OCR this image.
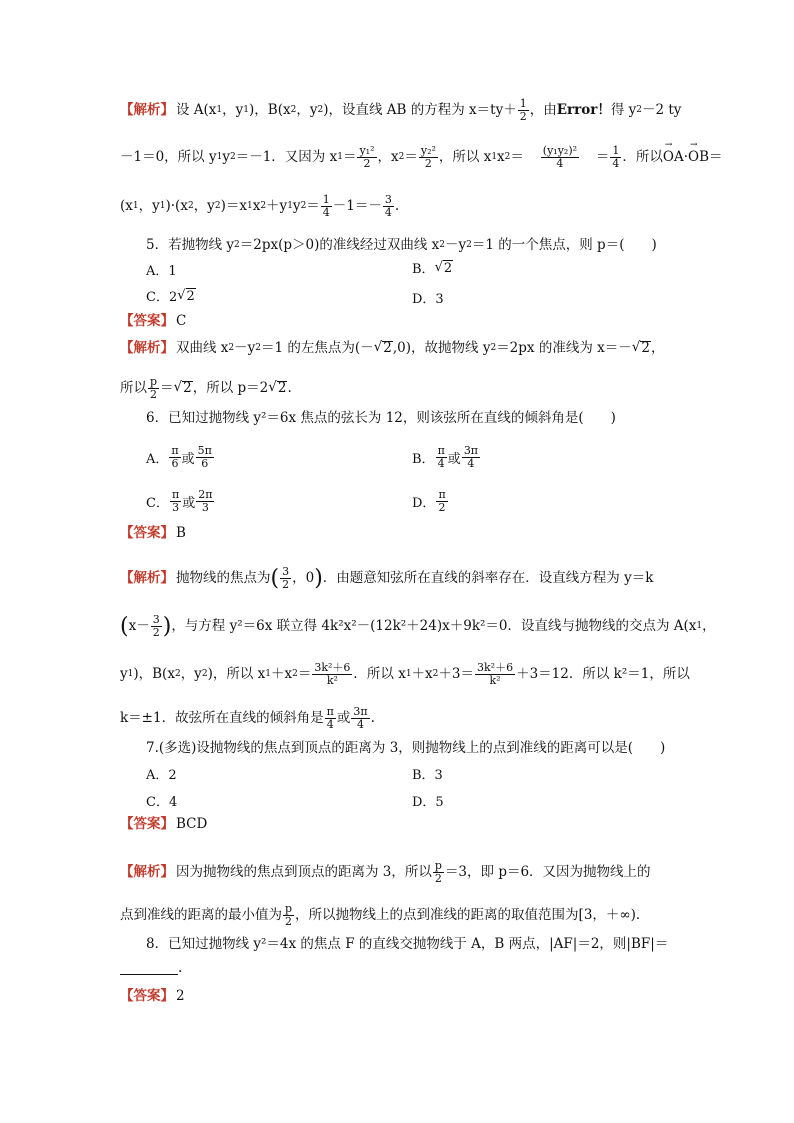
【解析】 设 A(x 1 ，y 1 )，B(x 2 ，y 2 )，设直线 AB 的方程为 $x=ty+ \frac{1}{2}$ ，由 Error！ 得 y 2 －2 ty
－1＝0，所以 y 1 y 2 ＝－1．又因为 x $1 = \frac{\text{y₁²}}{2}$ ，x $2 = \frac{\text{y₂²}}{2}$ ，所以 x 1 x $2 = \frac{\text{(y₁y₂)²}}{4} = \frac{1}{4}$ ．所以 → OA · → OB ＝
(x 1 ，y 1 )·(x 2 ，y 2 )＝x 1 x 2 ＋y 1 y $2 = \frac{1}{4} -1=- \frac{3}{4}$ .
5．若抛物线 y 2 ＝2px(p＞0)的准线经过双曲线 x 2 －y 2 ＝1 的一个焦点，则 p＝(　　)
A．1	B． √ 2
C．2 √ 2	D．3
【答案】 C
【解析】 双曲线 x 2 －y 2 ＝1 的左焦点为(－ √ 2 ,0)，故抛物线 y 2 ＝2px 的准线为 x＝－ √ 2 ，
所以 $\frac{p}{2}$ ＝ √ 2 ，所以 p＝2 √ 2 .
6．已知过抛物线 y²＝6x 焦点的弦长为 12，则该弦所在直线的倾斜角是(　　)
A． $\frac{\pi}{6}$ 或 $\frac{5\pi}{6}$	B． $\frac{\pi}{4}$ 或 $\frac{3\pi}{4}$
C． $\frac{\pi}{3}$ 或 $\frac{2\pi}{3}$	D． $\frac{\pi}{2}$
【答案】 B
【解析】 抛物线的焦点为 ( $\frac{3}{2}$ ，0 ) ．由题意知弦所在直线的斜率存在．设直线方程为 y＝k
( $x- \frac{3}{2}$ ) ，与方程 y²＝6x 联立得 4k²x²－(12k²＋24)x＋9k²＝0．设直线与抛物线的交点为 A(x 1 ，
y 1 )，B(x 2 ，y 2 )，所以 x 1 ＋x $2 = \frac{\text{3k²＋6}}{\text{k²}}$ ．所以 x 1 ＋x $2 +3= \frac{\text{3k²＋6}}{\text{k²}} +3=12$．所以 k²＝1，所以
k＝±1．故弦所在直线的倾斜角是 $\frac{\pi}{4}$ 或 $\frac{3\pi}{4}$ .
7.(多选)设抛物线的焦点到顶点的距离为 3，则抛物线上的点到准线的距离可以是(　　)
A．2	B．3
C．4	D．5
【答案】 BCD
【解析】 因为抛物线的焦点到顶点的距离为 3，所以 $\frac{p}{2} =3$，即 p＝6．又因为抛物线上的
点到准线的距离的最小值为 $\frac{p}{2}$ ，所以抛物线上的点到准线的距离的取值范围为[3，＋∞)．
8．已知过抛物线 y²＝4x 的焦点 F 的直线交抛物线于 A，B 两点，|AF|＝2，则|BF|＝
.
【答案】 2
